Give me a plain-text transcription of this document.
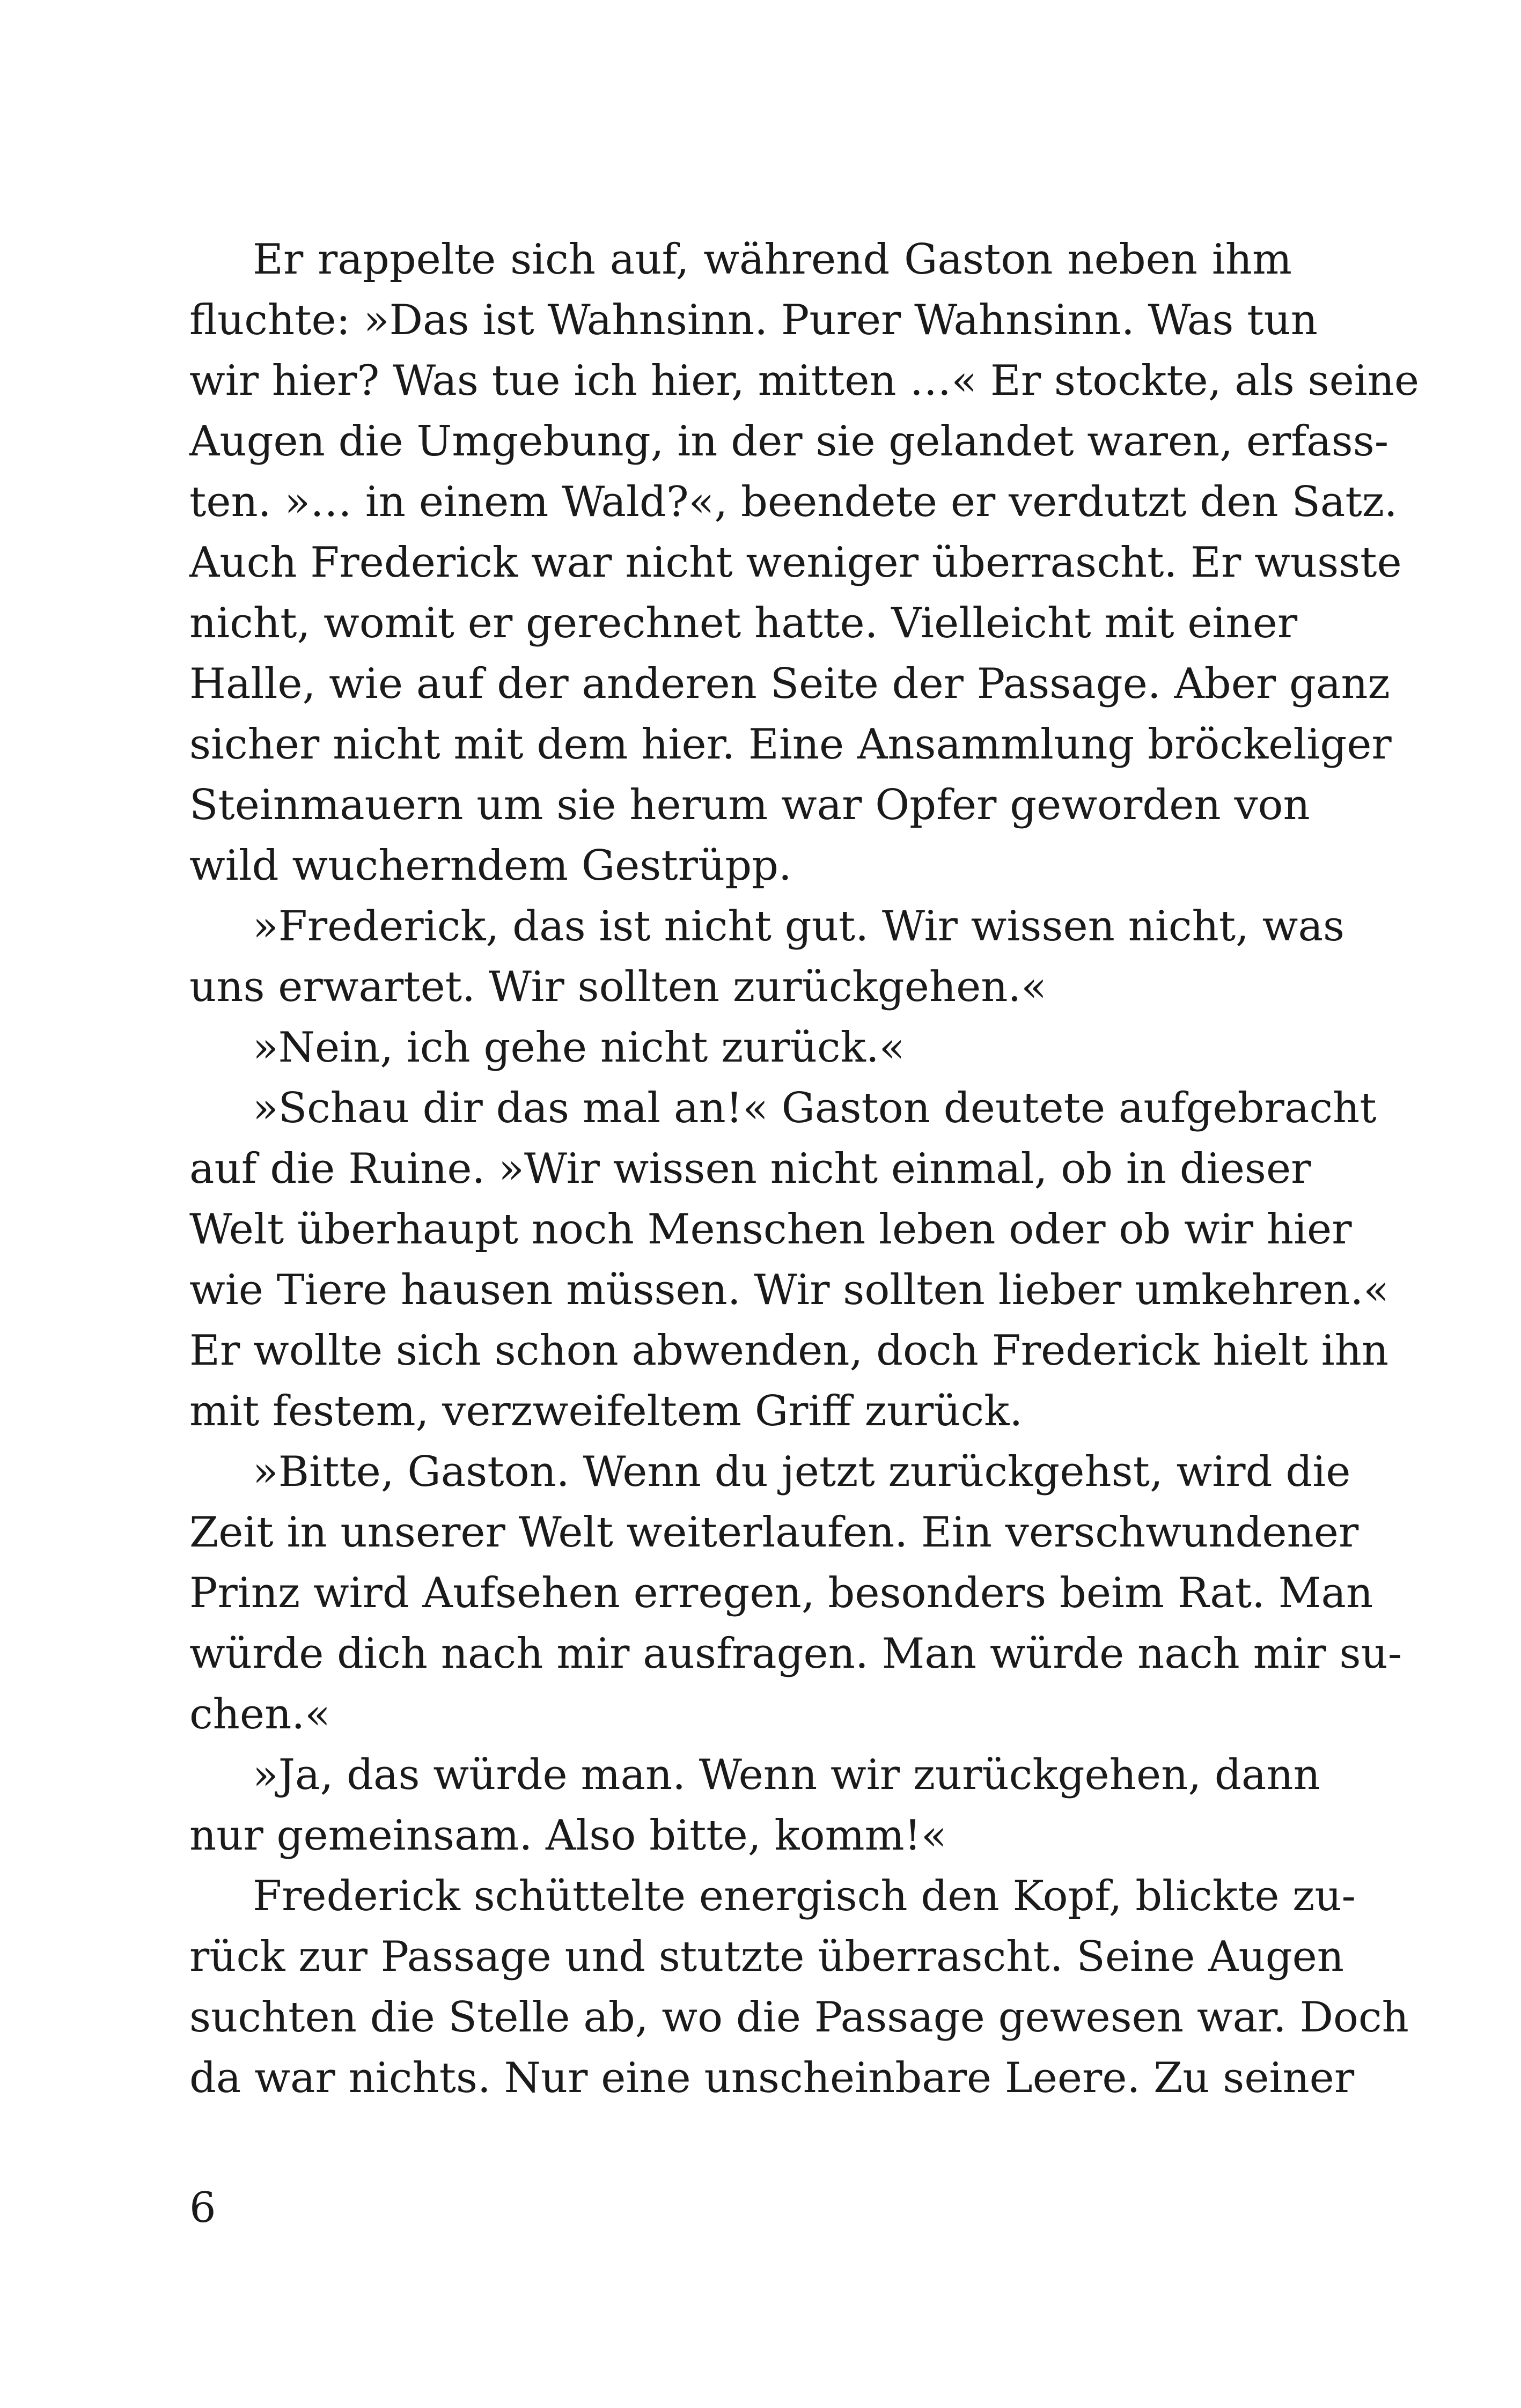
Er rappelte sich auf, während Gaston neben ihm
fluchte: »Das ist Wahnsinn. Purer Wahnsinn. Was tun
wir hier? Was tue ich hier, mitten …« Er stockte, als seine
Augen die Umgebung, in der sie gelandet waren, erfass-
ten. »… in einem Wald?«, beendete er verdutzt den Satz.
Auch Frederick war nicht weniger überrascht. Er wusste
nicht, womit er gerechnet hatte. Vielleicht mit einer
Halle, wie auf der anderen Seite der Passage. Aber ganz
sicher nicht mit dem hier. Eine Ansammlung bröckeliger
Steinmauern um sie herum war Opfer geworden von
wild wucherndem Gestrüpp.
»Frederick, das ist nicht gut. Wir wissen nicht, was
uns erwartet. Wir sollten zurückgehen.«
»Nein, ich gehe nicht zurück.«
»Schau dir das mal an!« Gaston deutete aufgebracht
auf die Ruine. »Wir wissen nicht einmal, ob in dieser
Welt überhaupt noch Menschen leben oder ob wir hier
wie Tiere hausen müssen. Wir sollten lieber umkehren.«
Er wollte sich schon abwenden, doch Frederick hielt ihn
mit festem, verzweifeltem Griff zurück.
»Bitte, Gaston. Wenn du jetzt zurückgehst, wird die
Zeit in unserer Welt weiterlaufen. Ein verschwundener
Prinz wird Aufsehen erregen, besonders beim Rat. Man
würde dich nach mir ausfragen. Man würde nach mir su-
chen.«
»Ja, das würde man. Wenn wir zurückgehen, dann
nur gemeinsam. Also bitte, komm!«
Frederick schüttelte energisch den Kopf, blickte zu-
rück zur Passage und stutzte überrascht. Seine Augen
suchten die Stelle ab, wo die Passage gewesen war. Doch
da war nichts. Nur eine unscheinbare Leere. Zu seiner
6
